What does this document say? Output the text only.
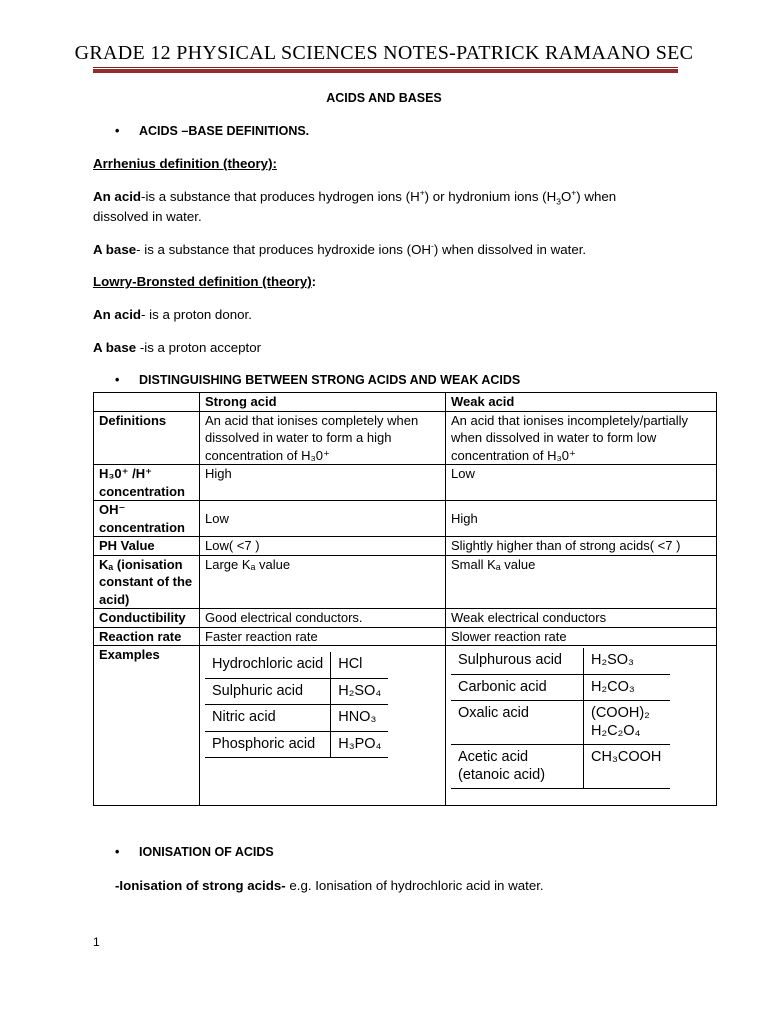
GRADE 12 PHYSICAL SCIENCES NOTES-PATRICK RAMAANO SEC
ACIDS AND BASES
• ACIDS –BASE DEFINITIONS.
Arrhenius definition (theory):
An acid-is a substance that produces hydrogen ions (H+) or hydronium ions $(H_3O^+)$ when dissolved in water.
A base- is a substance that produces hydroxide ions (OH-) when dissolved in water.
Lowry-Bronsted definition (theory):
An acid- is a proton donor.
A base -is a proton acceptor
• DISTINGUISHING BETWEEN STRONG ACIDS AND WEAK ACIDS
	Strong acid	Weak acid
Definitions	An acid that ionises completely when dissolved in water to form a high concentration of H₃0⁺	An acid that ionises incompletely/partially when dissolved in water to form low concentration of H₃0⁺
H₃0⁺ /H⁺ concentration	High	Low
OH⁻ concentration	Low	High
PH Value	Low( <7 )	Slightly higher than of strong acids( <7 )
Kₐ (ionisation constant of the acid)	Large Kₐ value	Small Kₐ value
Conductibility	Good electrical conductors.	Weak electrical conductors
Reaction rate	Faster reaction rate	Slower reaction rate
Examples	
Hydrochloric acid	HCl
Sulphuric acid	H₂SO₄
Nitric acid	HNO₃
Phosphoric acid	H₃PO₄

Sulphurous acid	H₂SO₃
Carbonic acid	H₂CO₃
Oxalic acid	(COOH)₂ H₂C₂O₄
Acetic acid (etanoic acid)	CH₃COOH
• IONISATION OF ACIDS
-Ionisation of strong acids- e.g. Ionisation of hydrochloric acid in water.
1
